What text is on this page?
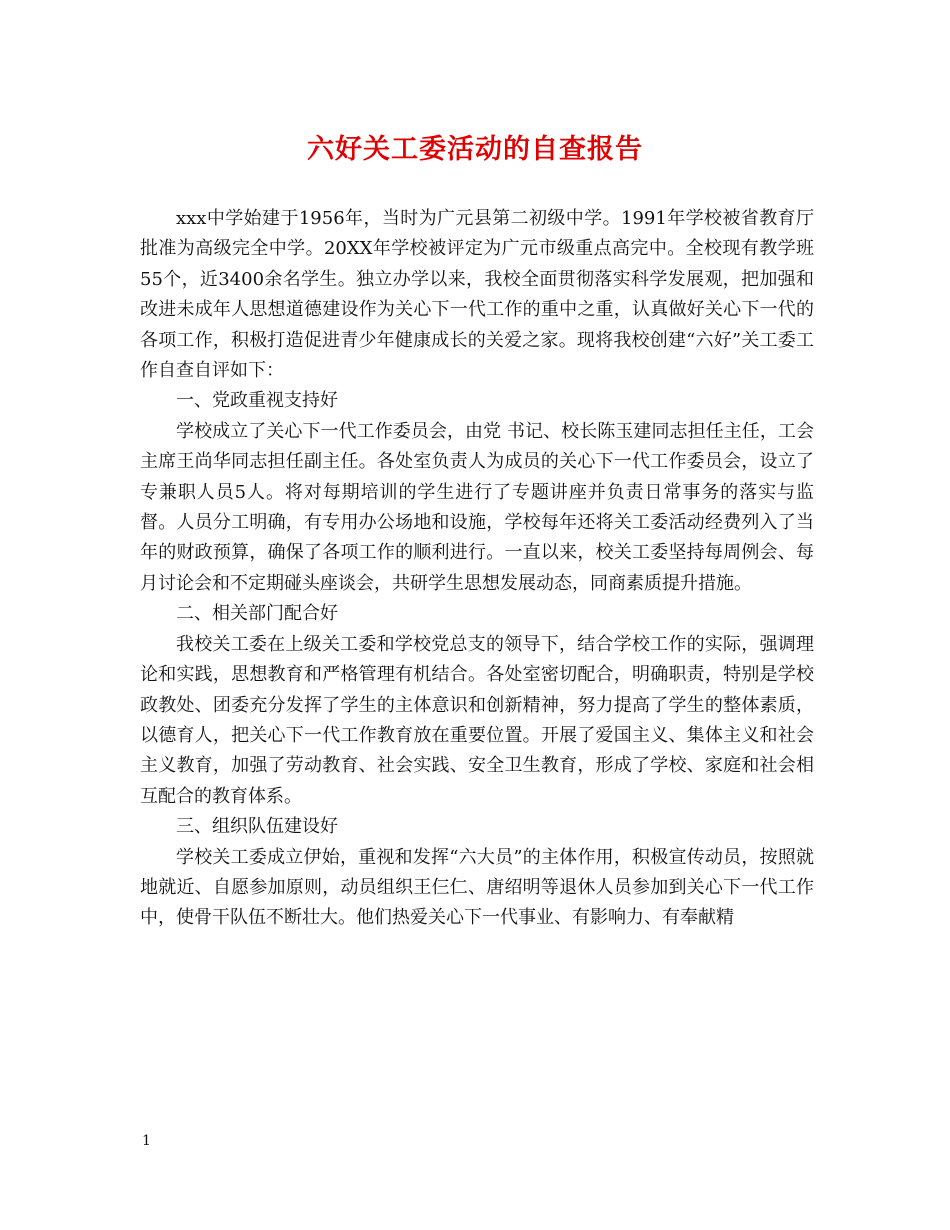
六好关工委活动的自查报告

xxx中学始建于1956年，当时为广元县第二初级中学。1991年学校被省教育厅批准为高级完全中学。20XX年学校被评定为广元市级重点高完中。全校现有教学班55个，近3400余名学生。独立办学以来，我校全面贯彻落实科学发展观，把加强和改进未成年人思想道德建设作为关心下一代工作的重中之重，认真做好关心下一代的各项工作，积极打造促进青少年健康成长的关爱之家。现将我校创建“六好”关工委工作自查自评如下：

一、党政重视支持好

学校成立了关心下一代工作委员会，由党 书记、校长陈玉建同志担任主任，工会主席王尚华同志担任副主任。各处室负责人为成员的关心下一代工作委员会，设立了专兼职人员5人。将对每期培训的学生进行了专题讲座并负责日常事务的落实与监督。人员分工明确，有专用办公场地和设施，学校每年还将关工委活动经费列入了当年的财政预算，确保了各项工作的顺利进行。一直以来，校关工委坚持每周例会、每月讨论会和不定期碰头座谈会，共研学生思想发展动态，同商素质提升措施。

二、相关部门配合好

我校关工委在上级关工委和学校党总支的领导下，结合学校工作的实际，强调理论和实践，思想教育和严格管理有机结合。各处室密切配合，明确职责，特别是学校政教处、团委充分发挥了学生的主体意识和创新精神，努力提高了学生的整体素质，以德育人，把关心下一代工作教育放在重要位置。开展了爱国主义、集体主义和社会主义教育，加强了劳动教育、社会实践、安全卫生教育，形成了学校、家庭和社会相互配合的教育体系。

三、组织队伍建设好

学校关工委成立伊始，重视和发挥“六大员”的主体作用，积极宣传动员，按照就地就近、自愿参加原则，动员组织王仨仁、唐绍明等退休人员参加到关心下一代工作中，使骨干队伍不断壮大。他们热爱关心下一代事业、有影响力、有奉献精

1
